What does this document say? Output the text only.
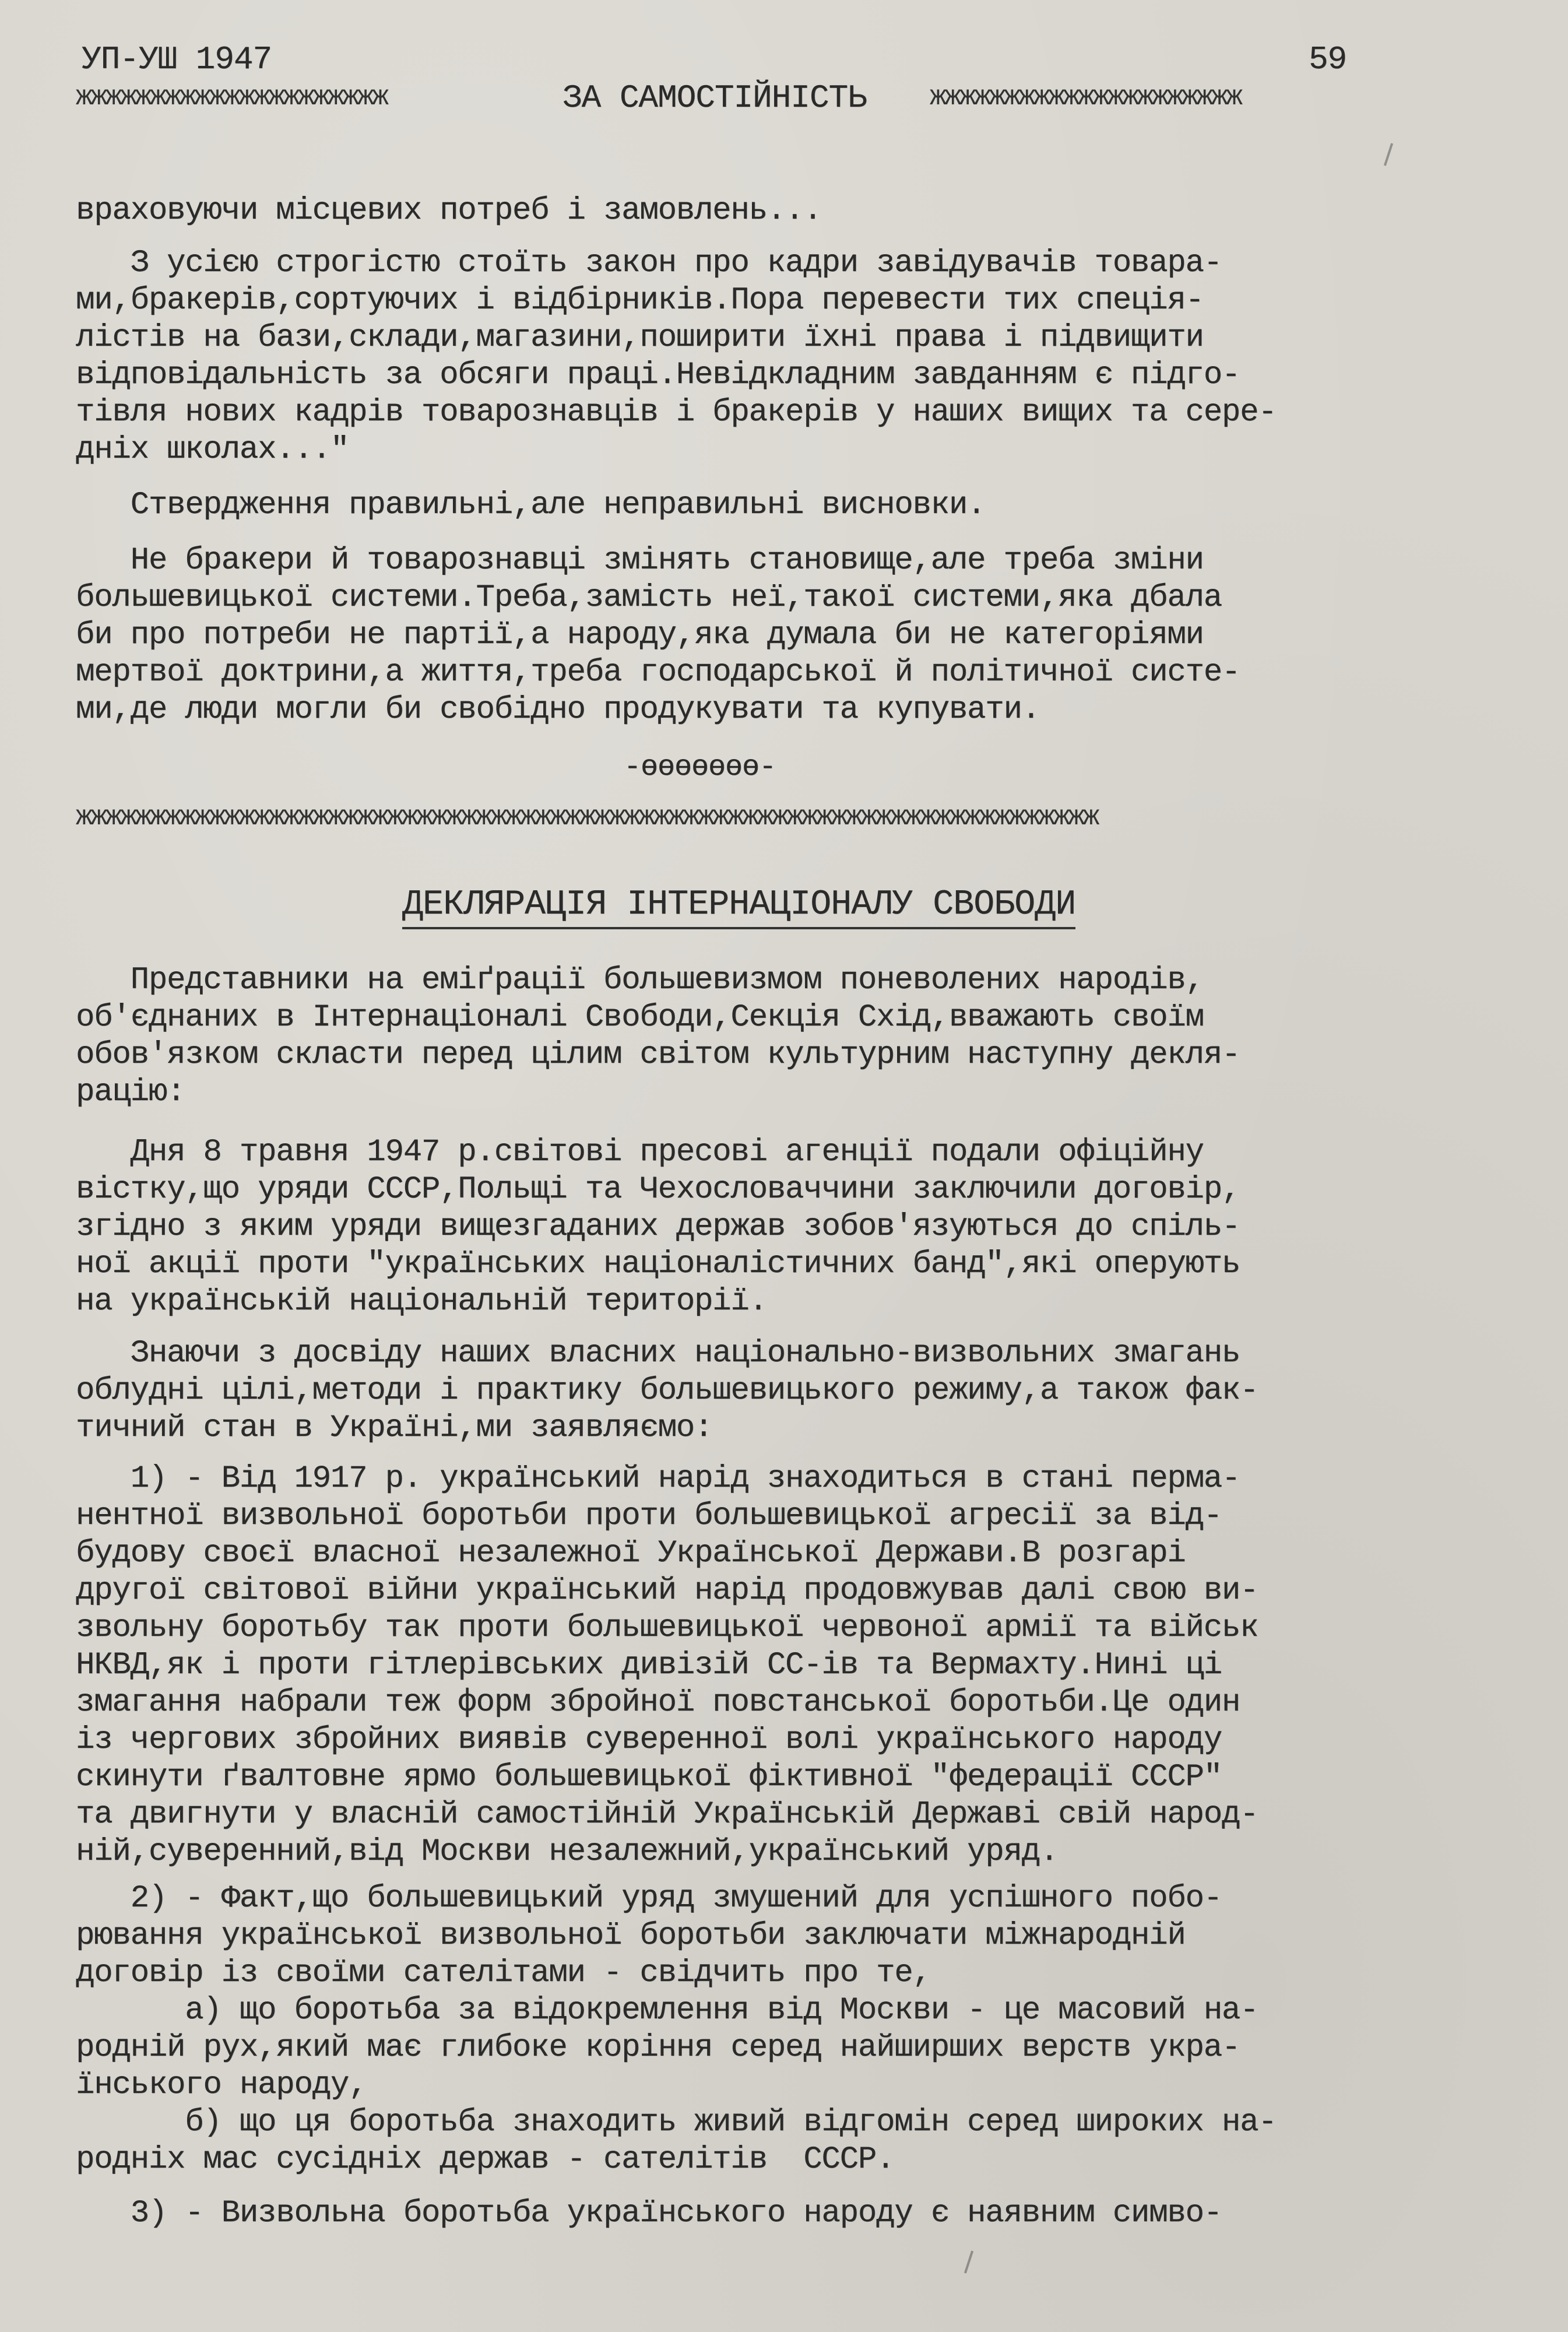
УП-УШ 1947	59
жжжжжжжжжжжжжжжжжжжжж	ЗА САМОСТІЙНІСТЬ жжжжжжжжжжжжжжжжжжжжж

враховуючи місцевих потреб і замовлень...

З усією строгістю стоїть закон про кадри завідувачів товара-
ми,бракерів,сортуючих і відбірників.Пора перевести тих спеція-
лістів на бази,склади,магазини,поширити їхні права і підвищити
відповідальність за обсяги праці.Невідкладним завданням є підго-
тівля нових кадрів товарознавців і бракерів у наших вищих та сере-
дніх школах..."

Ствердження правильні,але неправильні висновки.

Не бракери й товарознавці змінять становище,але треба зміни
большевицької системи.Треба,замість неї,такої системи,яка дбала
би про потреби не партії,а народу,яка думала би не категоріями
мертвої доктрини,а життя,треба господарської й політичної систе-
ми,де люди могли би свобідно продукувати та купувати.

-өөөөөөө-
жжжжжжжжжжжжжжжжжжжжжжжжжжжжжжжжжжжжжжжжжжжжжжжжжжжжжжжжжжжжжжжжжжжжж
ДЕКЛЯРАЦІЯ ІНТЕРНАЦІОНАЛУ СВОБОДИ

Представники на еміґрації большевизмом поневолених народів,
об'єднаних в Інтернаціоналі Свободи,Секція Схід,вважають своїм
обов'язком скласти перед цілим світом культурним наступну декля-
рацію:

Дня 8 травня 1947 р.світові пресові агенції подали офіційну
вістку,що уряди СССР,Польщі та Чехословаччини заключили договір,
згідно з яким уряди вищезгаданих держав зобов'язуються до спіль-
ної акції проти "українських націоналістичних банд",які оперують
на українській національній території.

Знаючи з досвіду наших власних національно-визвольних змагань
облудні цілі,методи і практику большевицького режиму,а також фак-
тичний стан в Україні,ми заявляємо:

1) - Від 1917 р. український нарід знаходиться в стані перма-
нентної визвольної боротьби проти большевицької агресії за від-
будову своєї власної незалежної Української Держави.В розгарі
другої світової війни український нарід продовжував далі свою ви-
звольну боротьбу так проти большевицької червоної армії та військ
НКВД,як і проти гітлерівських дивізій СС-ів та Вермахту.Нині ці
змагання набрали теж форм збройної повстанської боротьби.Це один
із чергових збройних виявів суверенної волі українського народу
скинути ґвалтовне ярмо большевицької фіктивної "федерації СССР"
та двигнути у власній самостійній Українській Державі свій народ-
ній,суверенний,від Москви незалежний,український уряд.

2) - Факт,що большевицький уряд змушений для успішного побо-
рювання української визвольної боротьби заключати міжнародній
договір із своїми сателітами - свідчить про те,
а) що боротьба за відокремлення від Москви - це масовий на-
родній рух,який має глибоке коріння серед найширших верств укра-
їнського народу,
б) що ця боротьба знаходить живий відгомін серед широких на-
родніх мас сусідніх держав - сателітів  СССР.

3) - Визвольна боротьба українського народу є наявним симво-
